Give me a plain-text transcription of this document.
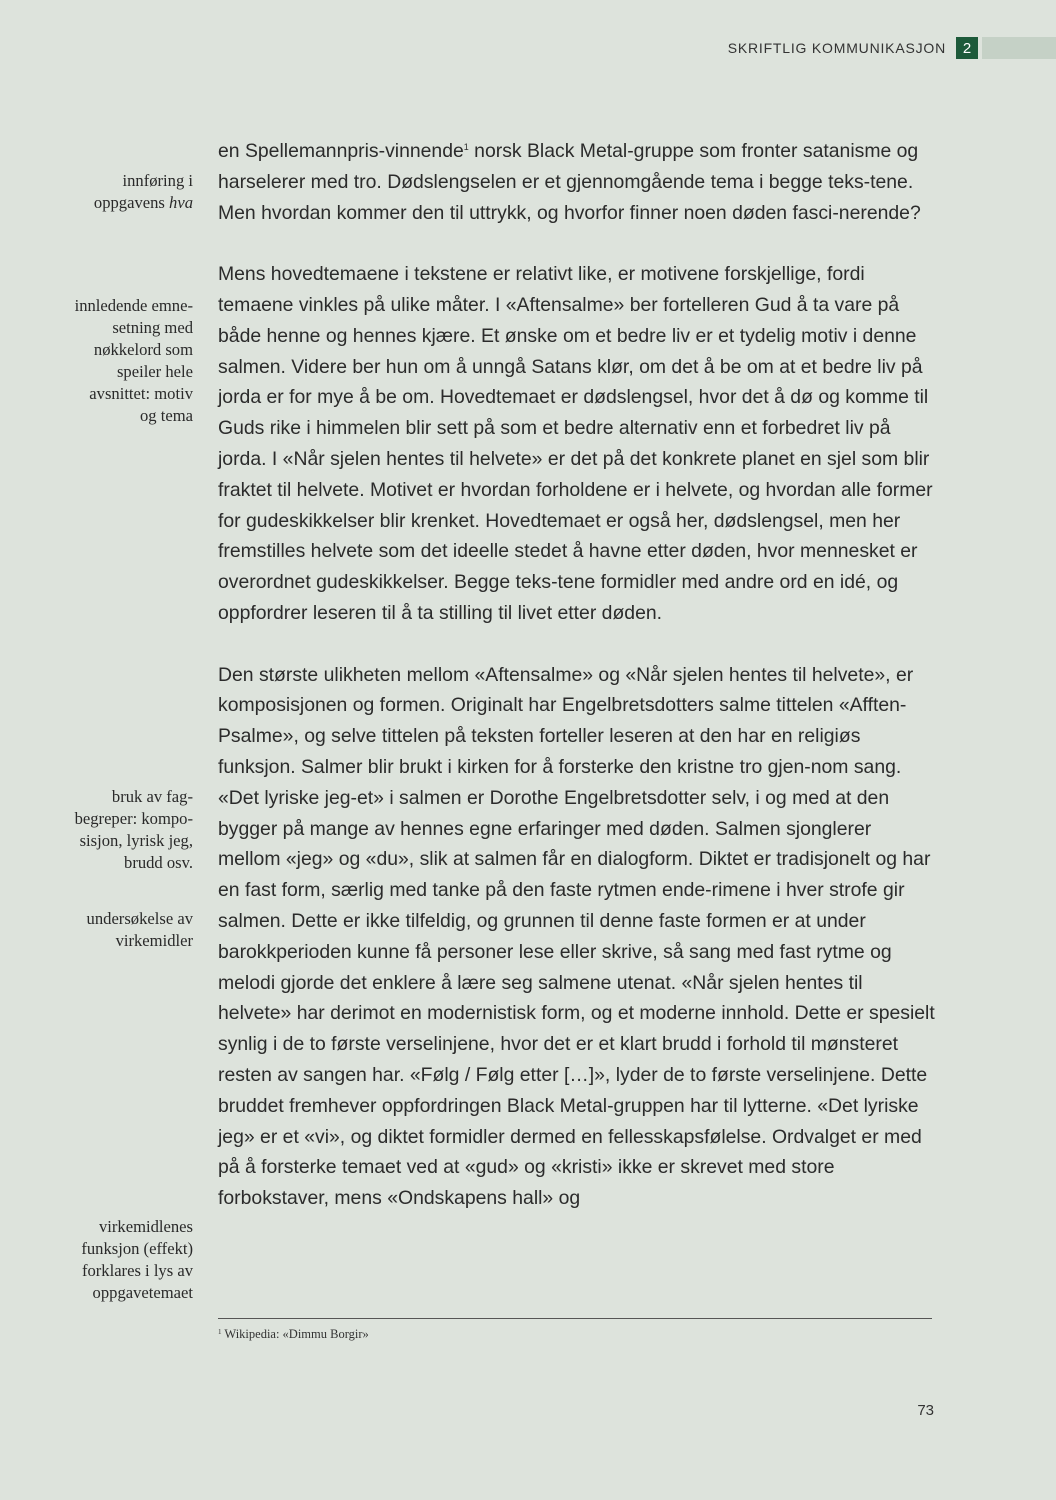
SKRIFTLIG KOMMUNIKASJON	2
innføring i
oppgavens hva
innledende emne-
setning med
nøkkelord som
speiler hele
avsnittet: motiv
og tema
bruk av fag-
begreper: kompo-
sisjon, lyrisk jeg,
brudd osv.
undersøkelse av
virkemidler
virkemidlenes
funksjon (effekt)
forklares i lys av
oppgavetemaet

en Spellemannpris-vinnende$^1$ norsk Black Metal-gruppe som fronter satanisme og harselerer med tro. Dødslengselen er et gjennomgående tema i begge teks-tene. Men hvordan kommer den til uttrykk, og hvorfor finner noen døden fasci-nerende?

Mens hovedtemaene i tekstene er relativt like, er motivene forskjellige, fordi temaene vinkles på ulike måter. I «Aftensalme» ber fortelleren Gud å ta vare på både henne og hennes kjære. Et ønske om et bedre liv er et tydelig motiv i denne salmen. Videre ber hun om å unngå Satans klør, om det å be om at et bedre liv på jorda er for mye å be om. Hovedtemaet er dødslengsel, hvor det å dø og komme til Guds rike i himmelen blir sett på som et bedre alternativ enn et forbedret liv på jorda. I «Når sjelen hentes til helvete» er det på det konkrete planet en sjel som blir fraktet til helvete. Motivet er hvordan forholdene er i helvete, og hvordan alle former for gudeskikkelser blir krenket. Hovedtemaet er også her, dødslengsel, men her fremstilles helvete som det ideelle stedet å havne etter døden, hvor mennesket er overordnet gudeskikkelser. Begge teks-tene formidler med andre ord en idé, og oppfordrer leseren til å ta stilling til livet etter døden.

Den største ulikheten mellom «Aftensalme» og «Når sjelen hentes til helvete», er komposisjonen og formen. Originalt har Engelbretsdotters salme tittelen «Afften-Psalme», og selve tittelen på teksten forteller leseren at den har en religiøs funksjon. Salmer blir brukt i kirken for å forsterke den kristne tro gjen-nom sang. «Det lyriske jeg-et» i salmen er Dorothe Engelbretsdotter selv, i og med at den bygger på mange av hennes egne erfaringer med døden. Salmen sjonglerer mellom «jeg» og «du», slik at salmen får en dialogform. Diktet er tradisjonelt og har en fast form, særlig med tanke på den faste rytmen ende-rimene i hver strofe gir salmen. Dette er ikke tilfeldig, og grunnen til denne faste formen er at under barokkperioden kunne få personer lese eller skrive, så sang med fast rytme og melodi gjorde det enklere å lære seg salmene utenat. «Når sjelen hentes til helvete» har derimot en modernistisk form, og et moderne innhold. Dette er spesielt synlig i de to første verselinjene, hvor det er et klart brudd i forhold til mønsteret resten av sangen har. «Følg / Følg etter […]», lyder de to første verselinjene. Dette bruddet fremhever oppfordringen Black Metal-gruppen har til lytterne. «Det lyriske jeg» er et «vi», og diktet formidler dermed en fellesskapsfølelse. Ordvalget er med på å forsterke temaet ved at «gud» og «kristi» ikke er skrevet med store forbokstaver, mens «Ondskapens hall» og

$^1$ Wikipedia: «Dimmu Borgir»
73
